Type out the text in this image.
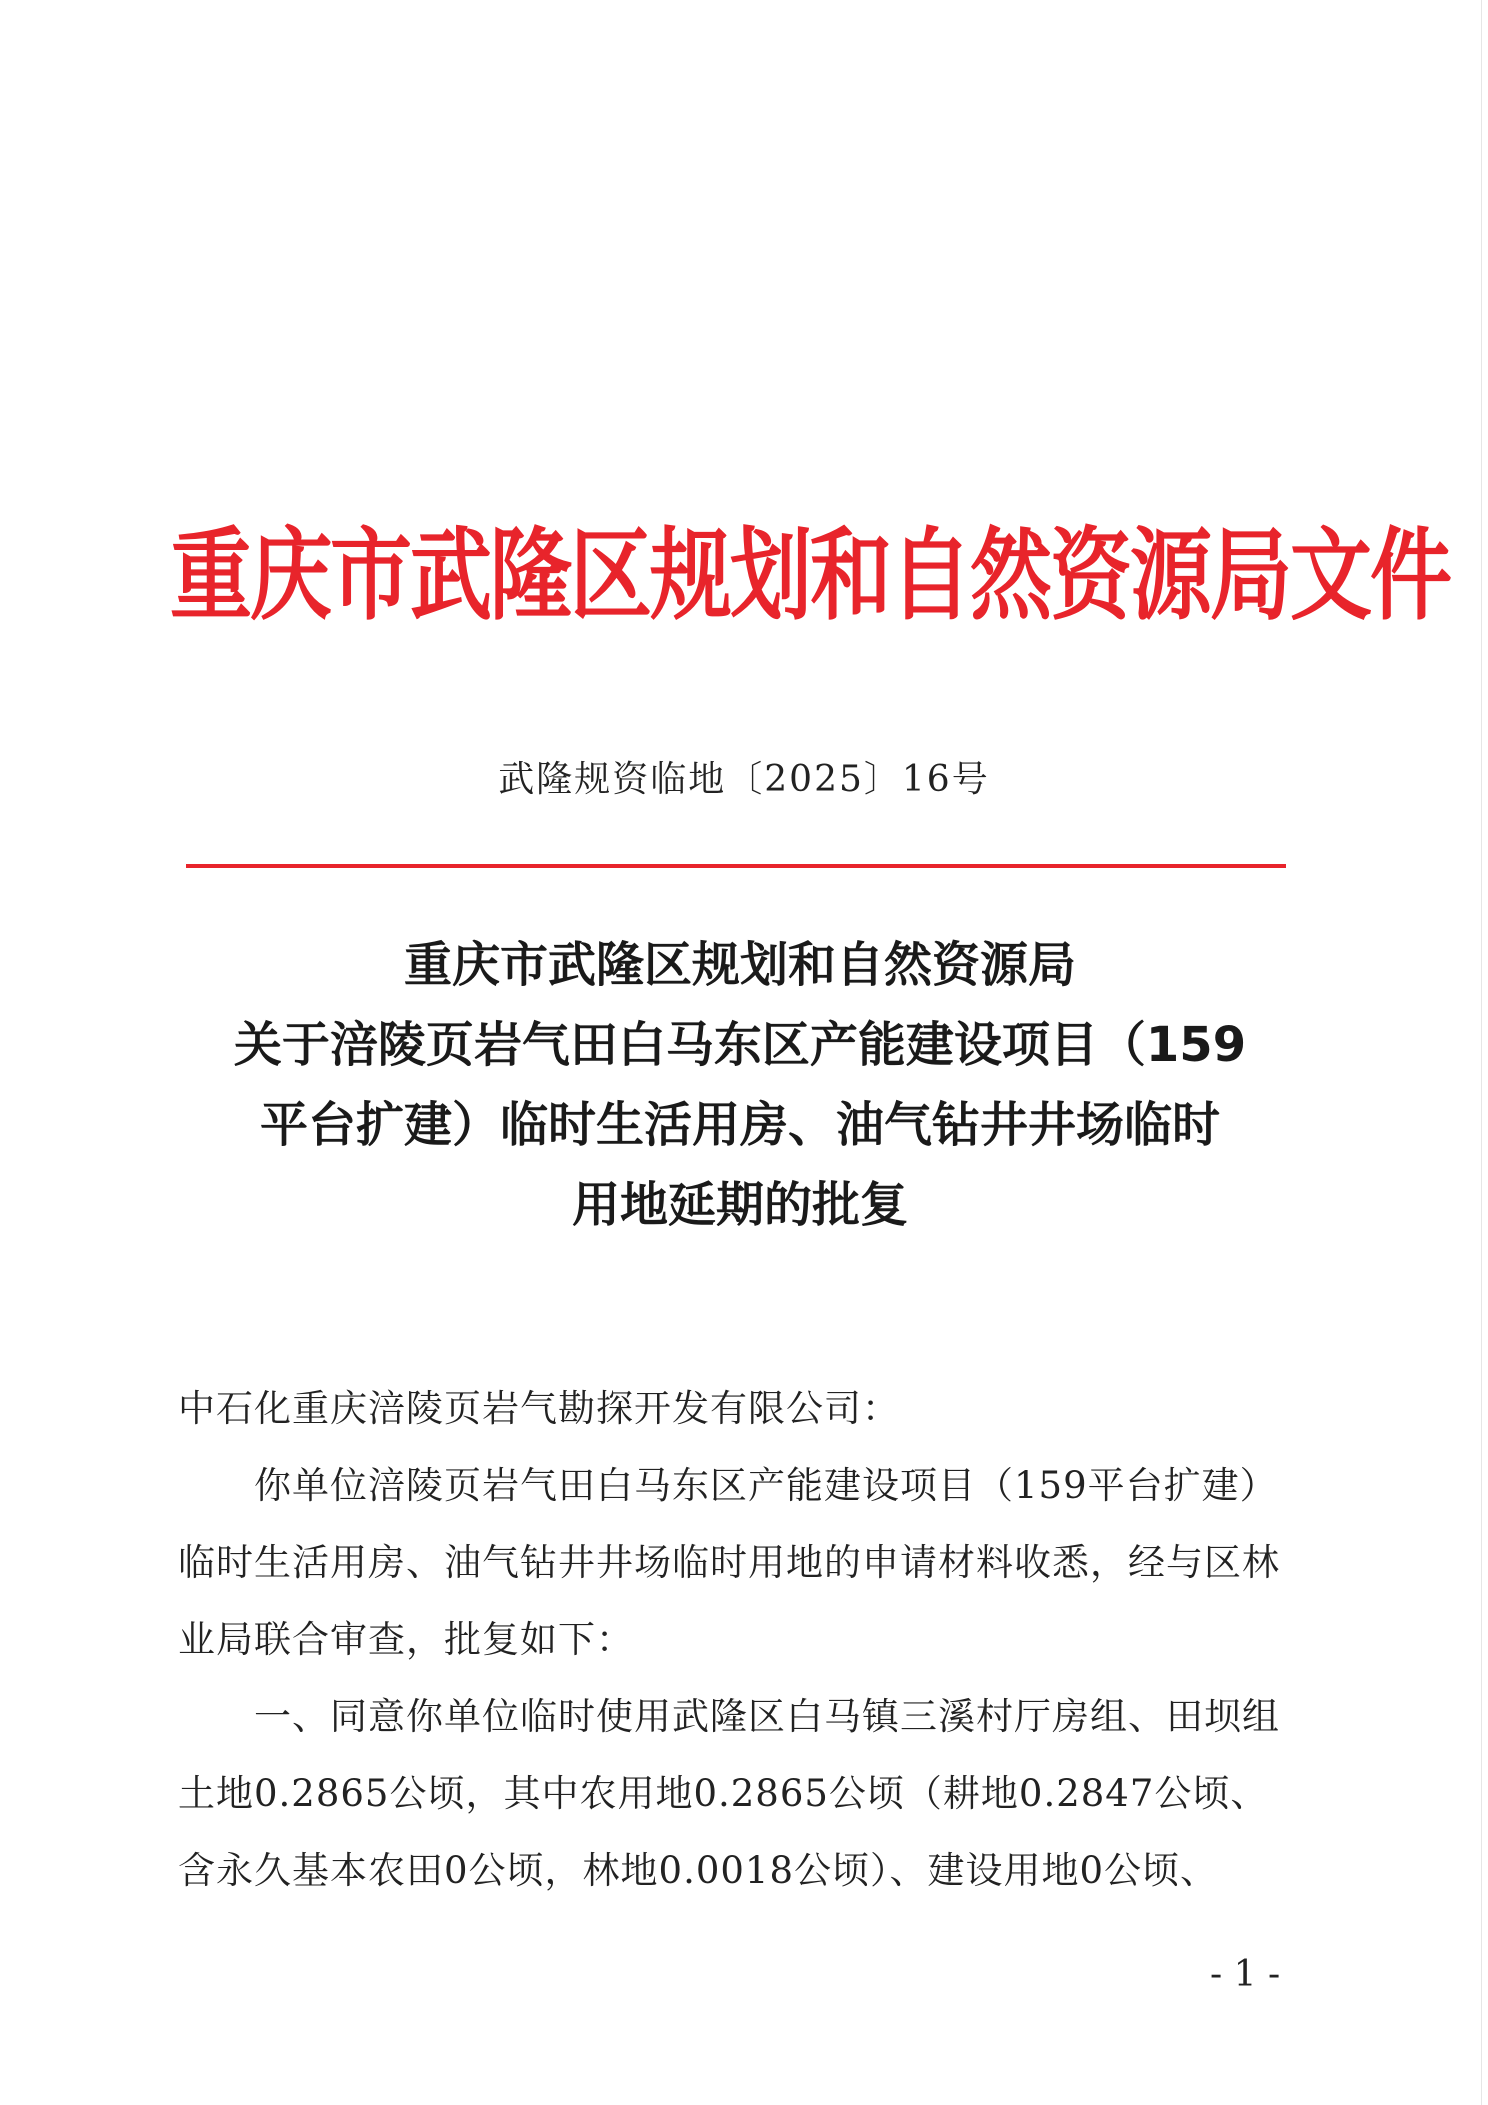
重庆市武隆区规划和自然资源局文件
武隆规资临地〔2025〕16号
重庆市武隆区规划和自然资源局
关于涪陵页岩气田白马东区产能建设项目（159
平台扩建）临时生活用房、油气钻井井场临时
用地延期的批复

中石化重庆涪陵页岩气勘探开发有限公司：

你单位涪陵页岩气田白马东区产能建设项目（159平台扩建）临时生活用房、油气钻井井场临时用地的申请材料收悉，经与区林业局联合审查，批复如下：

一、同意你单位临时使用武隆区白马镇三溪村厅房组、田坝组土地0.2865公顷，其中农用地0.2865公顷（耕地0.2847公顷、含永久基本农田0公顷，林地0.0018公顷）、建设用地0公顷、

- 1 -
